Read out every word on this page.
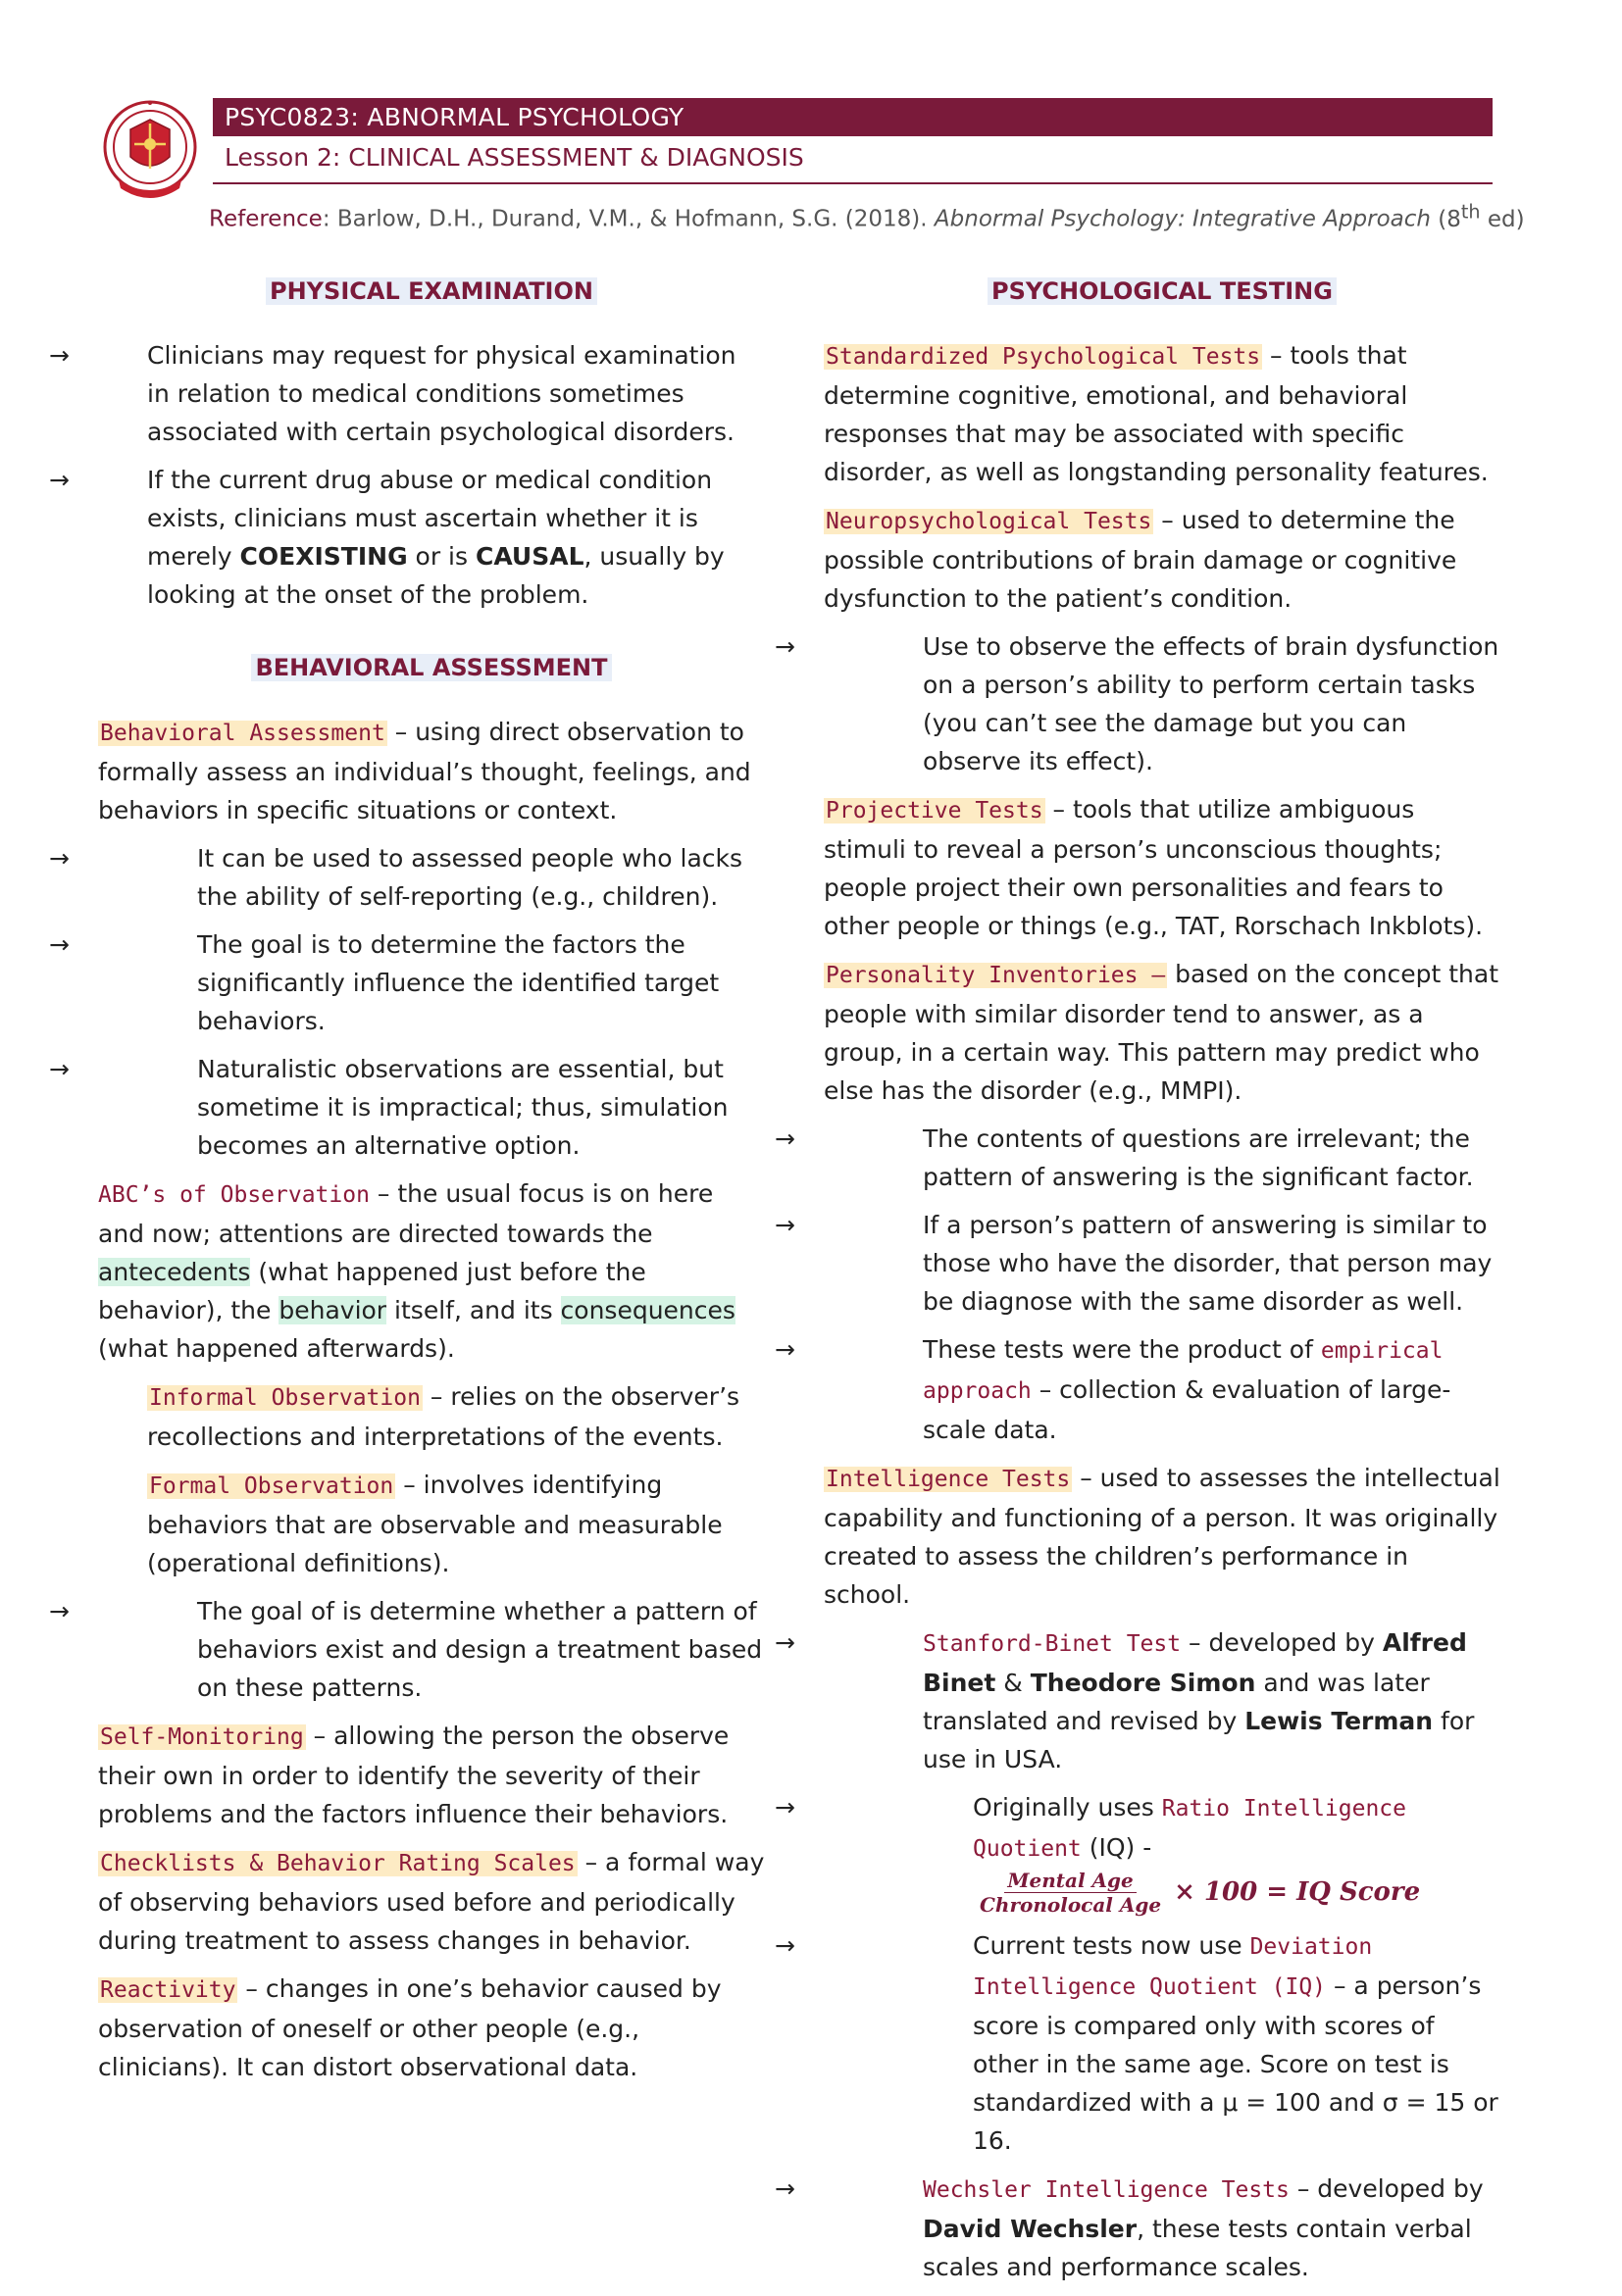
PSYC0823: ABNORMAL PSYCHOLOGY
Lesson 2: CLINICAL ASSESSMENT & DIAGNOSIS
Reference: Barlow, D.H., Durand, V.M., & Hofmann, S.G. (2018). Abnormal Psychology: Integrative Approach (8th ed)
PHYSICAL EXAMINATION
→	Clinicians may request for physical examination in relation to medical conditions sometimes associated with certain psychological disorders.
→	If the current drug abuse or medical condition exists, clinicians must ascertain whether it is merely COEXISTING or is CAUSAL, usually by looking at the onset of the problem.
BEHAVIORAL ASSESSMENT

Behavioral Assessment – using direct observation to formally assess an individual’s thought, feelings, and behaviors in specific situations or context.

→	It can be used to assessed people who lacks the ability of self-reporting (e.g., children).
→	The goal is to determine the factors the significantly influence the identified target behaviors.
→	Naturalistic observations are essential, but sometime it is impractical; thus, simulation becomes an alternative option.

ABC’s of Observation – the usual focus is on here and now; attentions are directed towards the antecedents (what happened just before the behavior), the behavior itself, and its consequences (what happened afterwards).

Informal Observation – relies on the observer’s recollections and interpretations of the events.

Formal Observation – involves identifying behaviors that are observable and measurable (operational definitions).

→	The goal of is determine whether a pattern of behaviors exist and design a treatment based on these patterns.

Self-Monitoring – allowing the person the observe their own in order to identify the severity of their problems and the factors influence their behaviors.

Checklists & Behavior Rating Scales – a formal way of observing behaviors used before and periodically during treatment to assess changes in behavior.

Reactivity – changes in one’s behavior caused by observation of oneself or other people (e.g., clinicians). It can distort observational data.

PSYCHOLOGICAL TESTING

Standardized Psychological Tests – tools that determine cognitive, emotional, and behavioral responses that may be associated with specific disorder, as well as longstanding personality features.

Neuropsychological Tests – used to determine the possible contributions of brain damage or cognitive dysfunction to the patient’s condition.

→	Use to observe the effects of brain dysfunction on a person’s ability to perform certain tasks (you can’t see the damage but you can observe its effect).

Projective Tests – tools that utilize ambiguous stimuli to reveal a person’s unconscious thoughts; people project their own personalities and fears to other people or things (e.g., TAT, Rorschach Inkblots).

Personality Inventories – based on the concept that people with similar disorder tend to answer, as a group, in a certain way. This pattern may predict who else has the disorder (e.g., MMPI).

→	The contents of questions are irrelevant; the pattern of answering is the significant factor.
→	If a person’s pattern of answering is similar to those who have the disorder, that person may be diagnose with the same disorder as well.
→	These tests were the product of empirical approach – collection & evaluation of large-scale data.

Intelligence Tests – used to assesses the intellectual capability and functioning of a person. It was originally created to assess the children’s performance in school.

→	Stanford-Binet Test – developed by Alfred Binet & Theodore Simon and was later translated and revised by Lewis Terman for use in USA.
→	Originally uses Ratio Intelligence Quotient (IQ) -
$\frac{\text{Mental Age}}{\text{Chronolocal Age}} \times 100$ = IQ Score
→	Current tests now use Deviation Intelligence Quotient (IQ) – a person’s score is compared only with scores of other in the same age. Score on test is standardized with a μ = 100 and σ = 15 or 16.
→	Wechsler Intelligence Tests – developed by David Wechsler, these tests contain verbal scales and performance scales.
